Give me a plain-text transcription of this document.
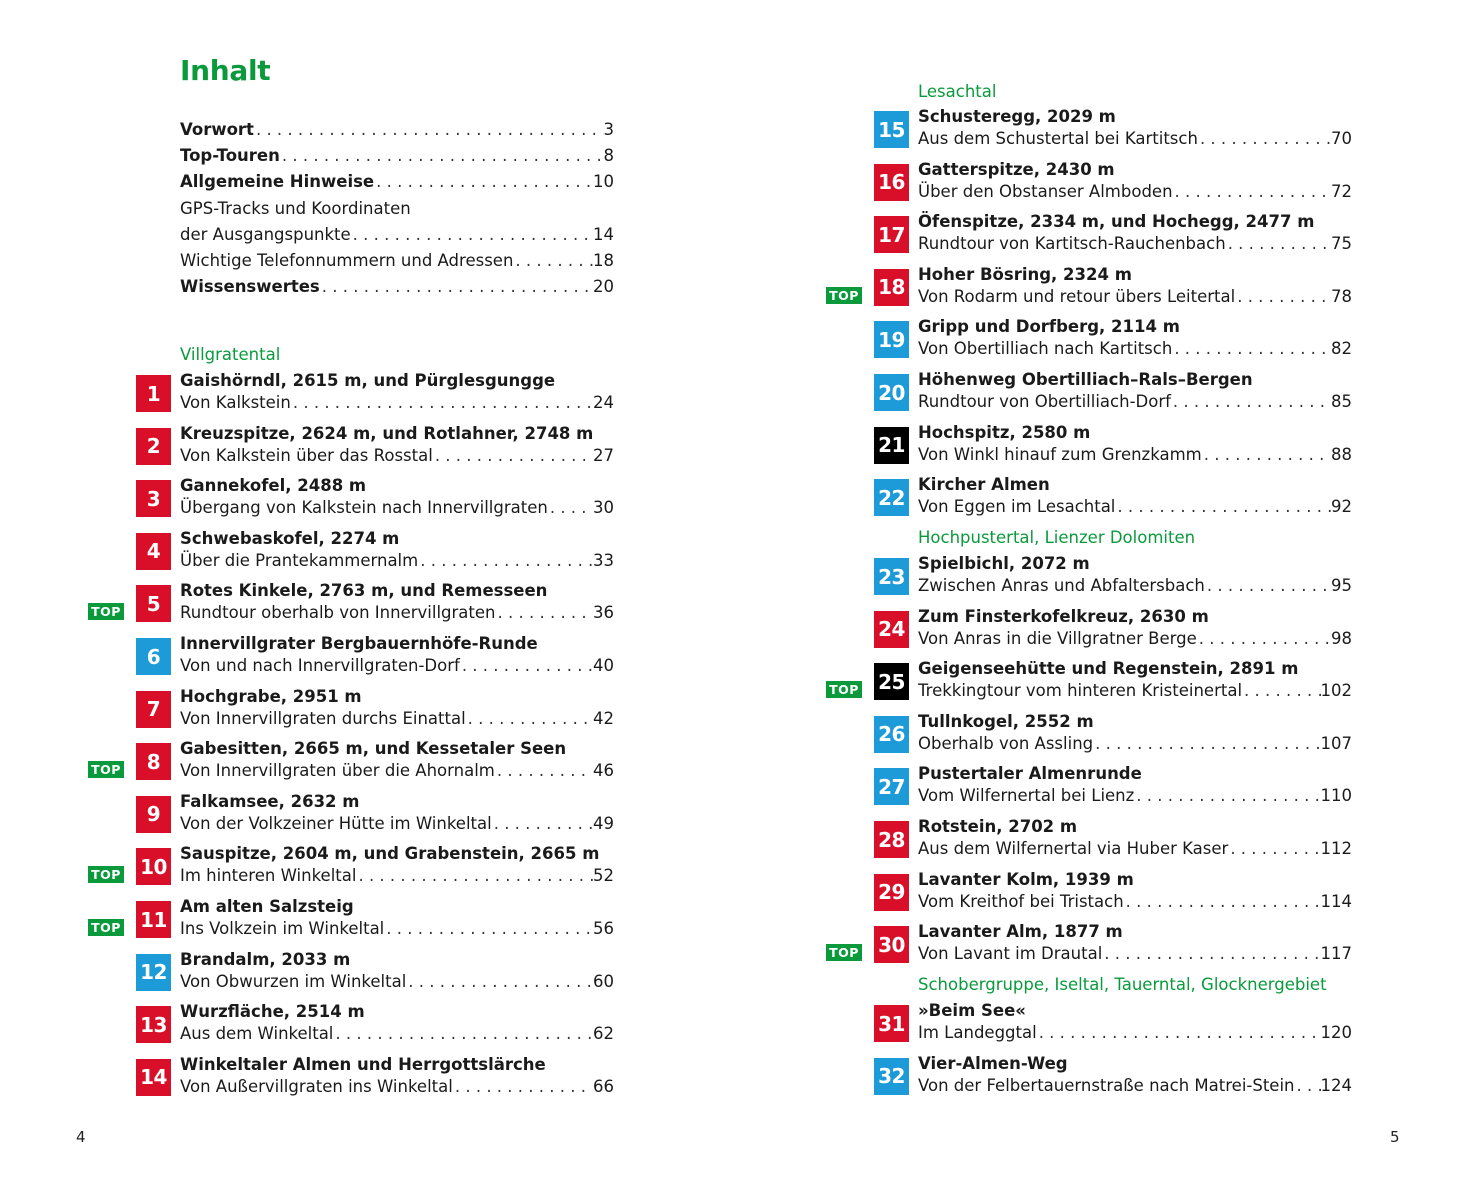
Inhalt
Vorwort . . .	3
Top-Touren . . .	8
Allgemeine Hinweise . . .	10
GPS-Tracks und Koordinaten
der Ausgangspunkte . . .	14
Wichtige Telefonnummern und Adressen . . .	18
Wissenswertes . . .	20
Villgratental
1
Gaishörndl, 2615 m, und Pürglesgungge
Von Kalkstein . . .	24
2
Kreuzspitze, 2624 m, und Rotlahner, 2748 m
Von Kalkstein über das Rosstal . . .	27
3
Gannekofel, 2488 m
Übergang von Kalkstein nach Innervillgraten . . .	30
4
Schwebaskofel, 2274 m
Über die Prantekammernalm . . .	33
TOP	5
Rotes Kinkele, 2763 m, und Remesseen
Rundtour oberhalb von Innervillgraten . . .	36
6
Innervillgrater Bergbauernhöfe-Runde
Von und nach Innervillgraten-Dorf . . .	40
7
Hochgrabe, 2951 m
Von Innervillgraten durchs Einattal . . .	42
TOP	8
Gabesitten, 2665 m, und Kessetaler Seen
Von Innervillgraten über die Ahornalm . . .	46
9
Falkamsee, 2632 m
Von der Volkzeiner Hütte im Winkeltal . . .	49
TOP 10
Sauspitze, 2604 m, und Grabenstein, 2665 m
Im hinteren Winkeltal . . .	52
TOP 11
Am alten Salzsteig
Ins Volkzein im Winkeltal . . .	56
12
Brandalm, 2033 m
Von Obwurzen im Winkeltal . . .	60
13
Wurzfläche, 2514 m
Aus dem Winkeltal . . .	62
14
Winkeltaler Almen und Herrgottslärche
Von Außervillgraten ins Winkeltal . . .	66
4
Lesachtal
Hochpustertal, Lienzer Dolomiten
Schobergruppe, Iseltal, Tauerntal, Glocknergebiet
15
Schusteregg, 2029 m
Aus dem Schustertal bei Kartitsch . . .	70
16
Gatterspitze, 2430 m
Über den Obstanser Almboden . . .	72
17
Öfenspitze, 2334 m, und Hochegg, 2477 m
Rundtour von Kartitsch-Rauchenbach . . .	75
TOP 18
Hoher Bösring, 2324 m
Von Rodarm und retour übers Leitertal . . .	78
19
Gripp und Dorfberg, 2114 m
Von Obertilliach nach Kartitsch . . .	82
20
Höhenweg Obertilliach–Rals–Bergen
Rundtour von Obertilliach-Dorf . . .	85
21
Hochspitz, 2580 m
Von Winkl hinauf zum Grenzkamm . . .	88
22
Kircher Almen
Von Eggen im Lesachtal . . .	92
23
Spielbichl, 2072 m
Zwischen Anras und Abfaltersbach . . .	95
24
Zum Finsterkofelkreuz, 2630 m
Von Anras in die Villgratner Berge . . .	98
TOP 25
Geigenseehütte und Regenstein, 2891 m
Trekkingtour vom hinteren Kristeinertal . . .	102
26
Tullnkogel, 2552 m
Oberhalb von Assling . . .	107
27
Pustertaler Almenrunde
Vom Wilfernertal bei Lienz . . .	110
28
Rotstein, 2702 m
Aus dem Wilfernertal via Huber Kaser . . .	112
29
Lavanter Kolm, 1939 m
Vom Kreithof bei Tristach . . .	114
TOP 30
Lavanter Alm, 1877 m
Von Lavant im Drautal . . .	117
31
»Beim See«
Im Landeggtal . . .	120
32
Vier-Almen-Weg
Von der Felbertauernstraße nach Matrei-Stein . . . 124
5
